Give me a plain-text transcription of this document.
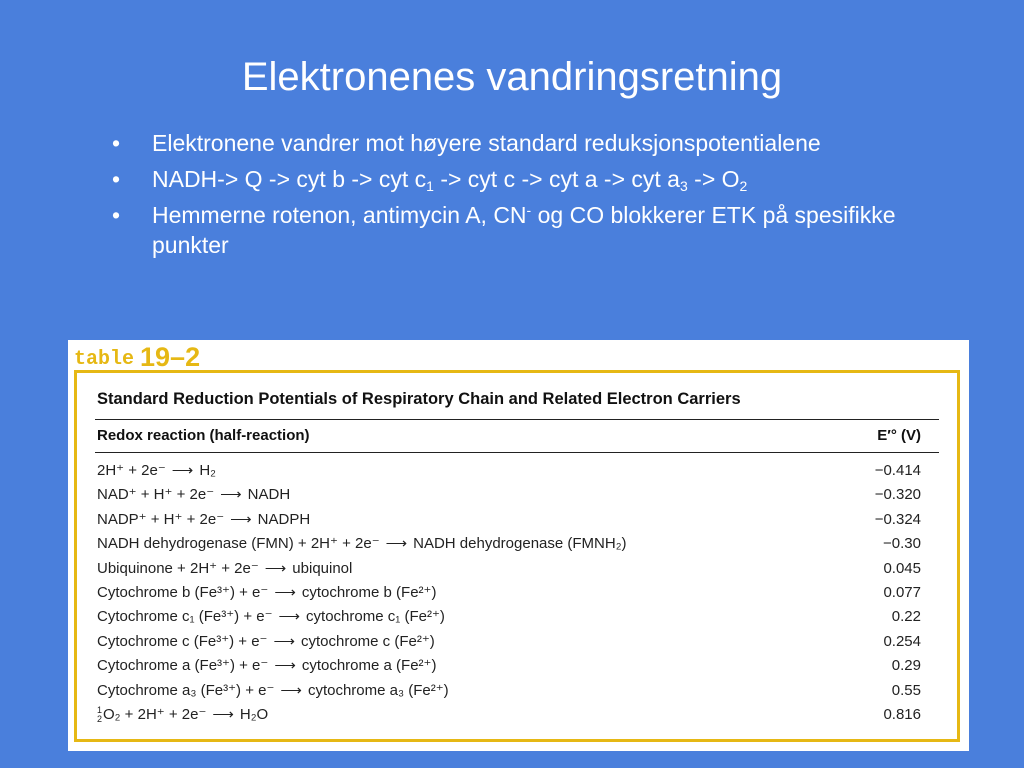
Elektronenes vandringsretning
• Elektronene vandrer mot høyere standard reduksjonspotentialene
• NADH-> Q -> cyt b -> cyt $c_1$ -> cyt c -> cyt a -> cyt $a_3 -> O_2$
• Hemmerne rotenon, antimycin A, CN- og CO blokkerer ETK på spesifikke punkter
table 19–2
Standard Reduction Potentials of Respiratory Chain and Related Electron Carriers
Redox reaction (half-reaction)	E′° (V)
2H⁺ + 2e⁻ ⟶ H₂	−0.414
NAD⁺ + H⁺ + 2e⁻ ⟶ NADH	−0.320
NADP⁺ + H⁺ + 2e⁻ ⟶ NADPH	−0.324
NADH dehydrogenase (FMN) + 2H⁺ + 2e⁻ ⟶ NADH dehydrogenase (FMNH₂)	−0.30
Ubiquinone + 2H⁺ + 2e⁻ ⟶ ubiquinol	0.045
Cytochrome b (Fe³⁺) + e⁻ ⟶ cytochrome b (Fe²⁺)	0.077
Cytochrome c₁ (Fe³⁺) + e⁻ ⟶ cytochrome c₁ (Fe²⁺)	0.22
Cytochrome c (Fe³⁺) + e⁻ ⟶ cytochrome c (Fe²⁺)	0.254
Cytochrome a (Fe³⁺) + e⁻ ⟶ cytochrome a (Fe²⁺)	0.29
Cytochrome a₃ (Fe³⁺) + e⁻ ⟶ cytochrome a₃ (Fe²⁺)	0.55
1
2 O₂ + 2H⁺ + 2e⁻ ⟶ H₂O	0.816
